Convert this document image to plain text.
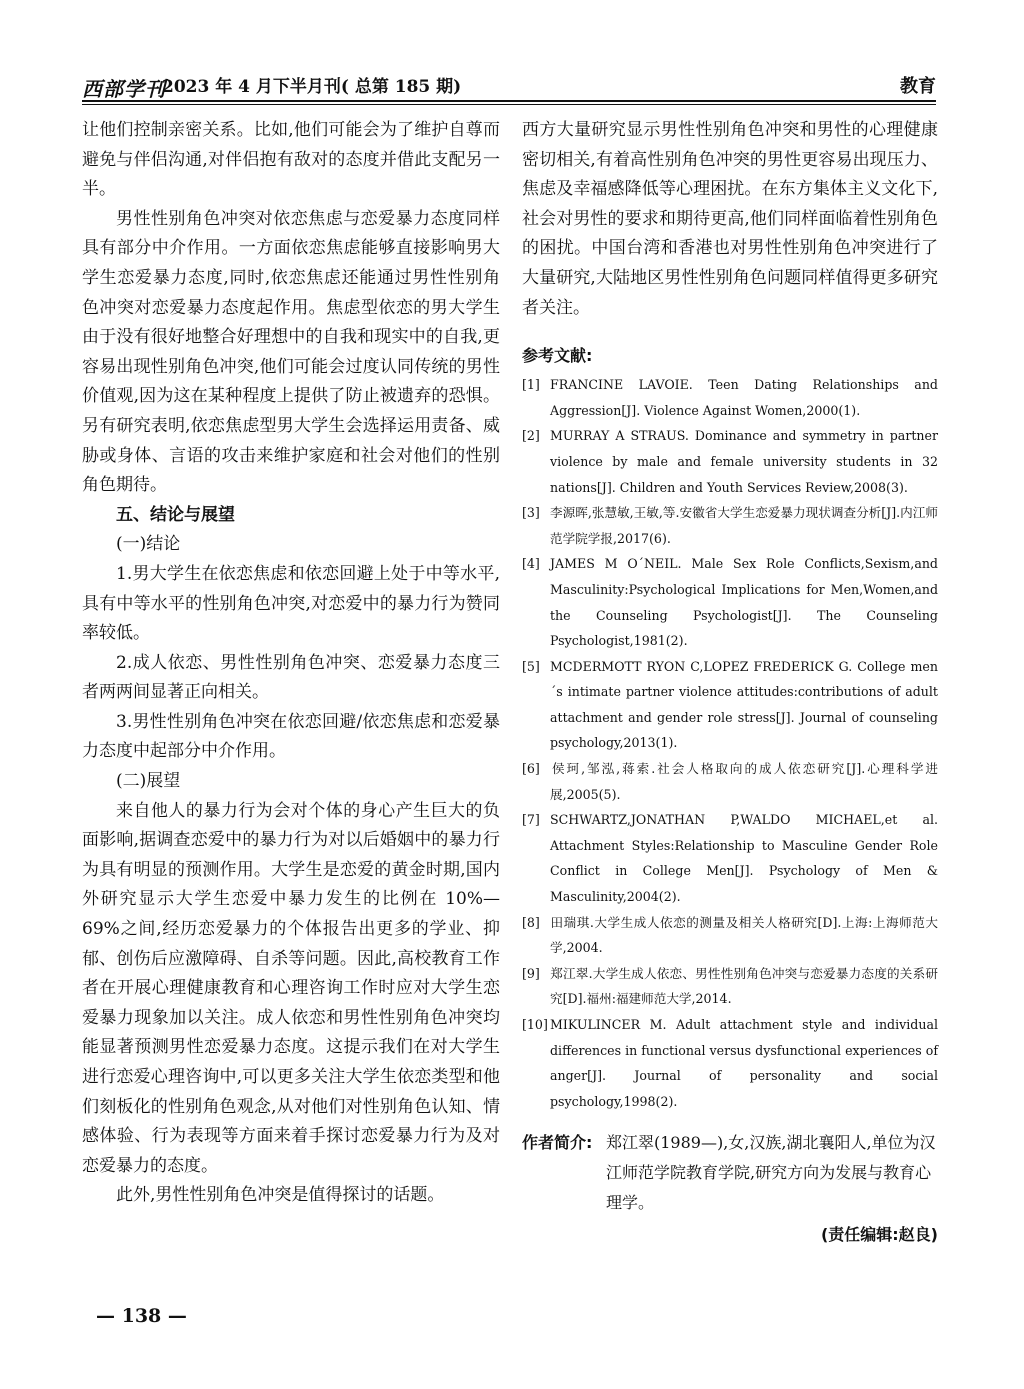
西部学刊
2023 年 4 月下半月刊( 总第 185 期)	教育

让他们控制亲密关系。比如,他们可能会为了维护自尊而避免与伴侣沟通,对伴侣抱有敌对的态度并借此支配另一半。

男性性别角色冲突对依恋焦虑与恋爱暴力态度同样具有部分中介作用。一方面依恋焦虑能够直接影响男大学生恋爱暴力态度,同时,依恋焦虑还能通过男性性别角色冲突对恋爱暴力态度起作用。焦虑型依恋的男大学生由于没有很好地整合好理想中的自我和现实中的自我,更容易出现性别角色冲突,他们可能会过度认同传统的男性价值观,因为这在某种程度上提供了防止被遗弃的恐惧。另有研究表明,依恋焦虑型男大学生会选择运用责备、威胁或身体、言语的攻击来维护家庭和社会对他们的性别角色期待。

五、结论与展望

(一)结论

1.男大学生在依恋焦虑和依恋回避上处于中等水平,具有中等水平的性别角色冲突,对恋爱中的暴力行为赞同率较低。

2.成人依恋、男性性别角色冲突、恋爱暴力态度三者两两间显著正向相关。

3.男性性别角色冲突在依恋回避/依恋焦虑和恋爱暴力态度中起部分中介作用。

(二)展望

来自他人的暴力行为会对个体的身心产生巨大的负面影响,据调查恋爱中的暴力行为对以后婚姻中的暴力行为具有明显的预测作用。大学生是恋爱的黄金时期,国内外研究显示大学生恋爱中暴力发生的比例在 10%—69%之间,经历恋爱暴力的个体报告出更多的学业、抑郁、创伤后应激障碍、自杀等问题。因此,高校教育工作者在开展心理健康教育和心理咨询工作时应对大学生恋爱暴力现象加以关注。成人依恋和男性性别角色冲突均能显著预测男性恋爱暴力态度。这提示我们在对大学生进行恋爱心理咨询中,可以更多关注大学生依恋类型和他们刻板化的性别角色观念,从对他们对性别角色认知、情感体验、行为表现等方面来着手探讨恋爱暴力行为及对恋爱暴力的态度。

此外,男性性别角色冲突是值得探讨的话题。

西方大量研究显示男性性别角色冲突和男性的心理健康密切相关,有着高性别角色冲突的男性更容易出现压力、焦虑及幸福感降低等心理困扰。在东方集体主义文化下,社会对男性的要求和期待更高,他们同样面临着性别角色的困扰。中国台湾和香港也对男性性别角色冲突进行了大量研究,大陆地区男性性别角色问题同样值得更多研究者关注。

参考文献:

[1] FRANCINE LAVOIE. Teen Dating Relationships and Aggression[J]. Violence Against Women,2000(1).

[2] MURRAY A STRAUS. Dominance and symmetry in partner violence by male and female university students in 32 nations[J]. Children and Youth Services Review,2008(3).

[3] 李源晖,张慧敏,王敏,等.安徽省大学生恋爱暴力现状调查分析[J].内江师范学院学报,2017(6).

[4] JAMES M O´NEIL. Male Sex Role Conflicts,Sexism,and Masculinity:Psychological Implications for Men,Women,and the Counseling Psychologist[J]. The Counseling Psychologist,1981(2).

[5] MCDERMOTT RYON C,LOPEZ FREDERICK G. College men´s intimate partner violence attitudes:contributions of adult attachment and gender role stress[J]. Journal of counseling psychology,2013(1).

[6] 侯珂,邹泓,蒋索.社会人格取向的成人依恋研究[J].心理科学进展,2005(5).

[7] SCHWARTZ,JONATHAN P,WALDO MICHAEL,et al. Attachment Styles:Relationship to Masculine Gender Role Conflict in College Men[J]. Psychology of Men & Masculinity,2004(2).

[8] 田瑞琪.大学生成人依恋的测量及相关人格研究[D].上海:上海师范大学,2004.

[9] 郑江翠.大学生成人依恋、男性性别角色冲突与恋爱暴力态度的关系研究[D].福州:福建师范大学,2014.

[10] MIKULINCER M. Adult attachment style and individual differences in functional versus dysfunctional experiences of anger[J]. Journal of personality and social psychology,1998(2).

作者简介: 郑江翠(1989—),女,汉族,湖北襄阳人,单位为汉江师范学院教育学院,研究方向为发展与教育心理学。
(责任编辑:赵良)
— 138 —
